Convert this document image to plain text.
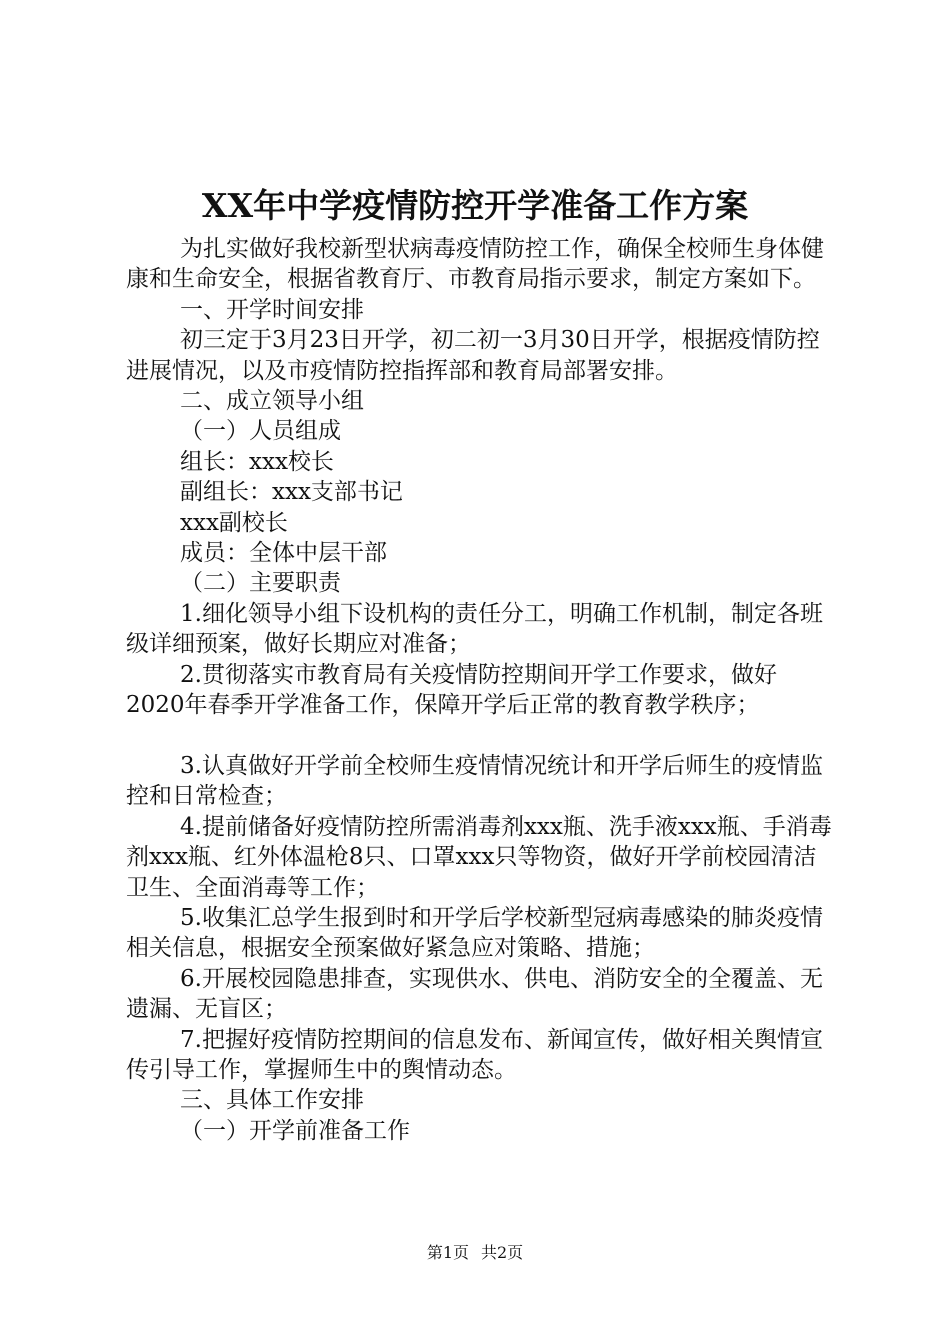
XX年中学疫情防控开学准备工作方案

为扎实做好我校新型状病毒疫情防控工作，确保全校师生身体健康和生命安全，根据省教育厅、市教育局指示要求，制定方案如下。

一、开学时间安排

初三定于3月23日开学，初二初一3月30日开学，根据疫情防控进展情况，以及市疫情防控指挥部和教育局部署安排。

二、成立领导小组

（一）人员组成

组长：xxx校长

副组长：xxx支部书记

xxx副校长

成员：全体中层干部

（二）主要职责

1.细化领导小组下设机构的责任分工，明确工作机制，制定各班级详细预案，做好长期应对准备；

2.贯彻落实市教育局有关疫情防控期间开学工作要求，做好2020年春季开学准备工作，保障开学后正常的教育教学秩序；

3.认真做好开学前全校师生疫情情况统计和开学后师生的疫情监控和日常检查；

4.提前储备好疫情防控所需消毒剂xxx瓶、洗手液xxx瓶、手消毒剂xxx瓶、红外体温枪8只、口罩xxx只等物资，做好开学前校园清洁卫生、全面消毒等工作；

5.收集汇总学生报到时和开学后学校新型冠病毒感染的肺炎疫情相关信息，根据安全预案做好紧急应对策略、措施；

6.开展校园隐患排查，实现供水、供电、消防安全的全覆盖、无遗漏、无盲区；

7.把握好疫情防控期间的信息发布、新闻宣传，做好相关舆情宣传引导工作，掌握师生中的舆情动态。

三、具体工作安排

（一）开学前准备工作

第1页 共2页
